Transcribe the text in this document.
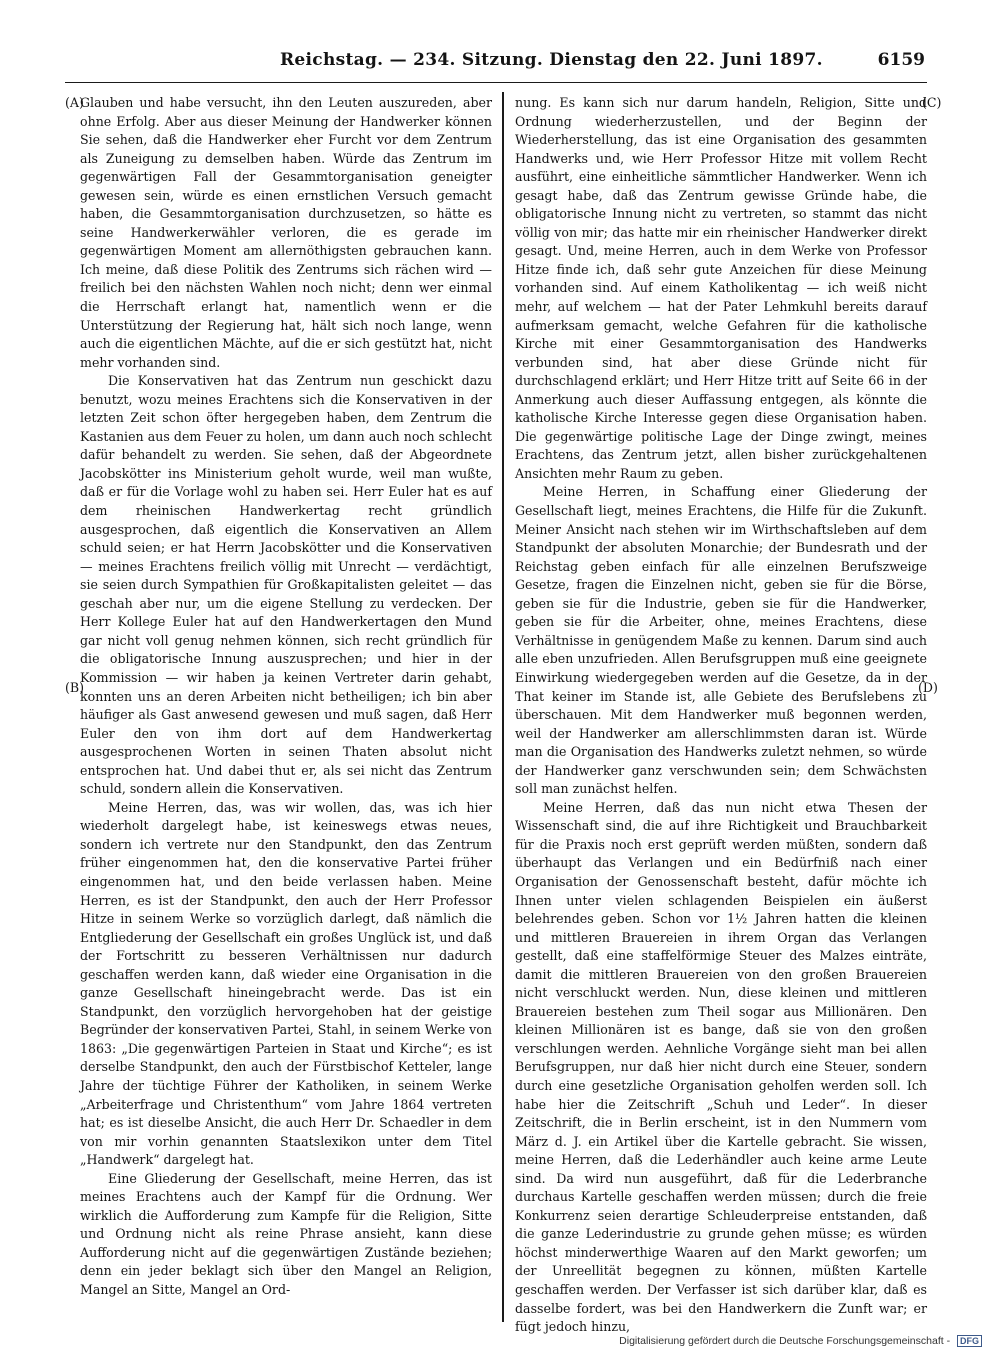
Reichstag. — 234. Sitzung. Dienstag den 22. Juni 1897.	6159
(A)
(B)
(C)
(D)

Glauben und habe versucht, ihn den Leuten auszureden, aber ohne Erfolg. Aber aus dieser Meinung der Handwerker können Sie sehen, daß die Handwerker eher Furcht vor dem Zentrum als Zuneigung zu demselben haben. Würde das Zentrum im gegenwärtigen Fall der Gesammtorganisation geneigter gewesen sein, würde es einen ernstlichen Versuch gemacht haben, die Gesammtorganisation durchzusetzen, so hätte es seine Handwerkerwähler verloren, die es gerade im gegenwärtigen Moment am allernöthigsten gebrauchen kann. Ich meine, daß diese Politik des Zentrums sich rächen wird — freilich bei den nächsten Wahlen noch nicht; denn wer einmal die Herrschaft erlangt hat, namentlich wenn er die Unterstützung der Regierung hat, hält sich noch lange, wenn auch die eigentlichen Mächte, auf die er sich gestützt hat, nicht mehr vorhanden sind.

Die Konservativen hat das Zentrum nun geschickt dazu benutzt, wozu meines Erachtens sich die Konservativen in der letzten Zeit schon öfter hergegeben haben, dem Zentrum die Kastanien aus dem Feuer zu holen, um dann auch noch schlecht dafür behandelt zu werden. Sie sehen, daß der Abgeordnete Jacobskötter ins Ministerium geholt wurde, weil man wußte, daß er für die Vorlage wohl zu haben sei. Herr Euler hat es auf dem rheinischen Handwerkertag recht gründlich ausgesprochen, daß eigentlich die Konservativen an Allem schuld seien; er hat Herrn Jacobskötter und die Konservativen — meines Erachtens freilich völlig mit Unrecht — verdächtigt, sie seien durch Sympathien für Großkapitalisten geleitet — das geschah aber nur, um die eigene Stellung zu verdecken. Der Herr Kollege Euler hat auf den Handwerkertagen den Mund gar nicht voll genug nehmen können, sich recht gründlich für die obligatorische Innung auszusprechen; und hier in der Kommission — wir haben ja keinen Vertreter darin gehabt, konnten uns an deren Arbeiten nicht betheiligen; ich bin aber häufiger als Gast anwesend gewesen und muß sagen, daß Herr Euler den von ihm dort auf dem Handwerkertag ausgesprochenen Worten in seinen Thaten absolut nicht entsprochen hat. Und dabei thut er, als sei nicht das Zentrum schuld, sondern allein die Konservativen.

Meine Herren, das, was wir wollen, das, was ich hier wiederholt dargelegt habe, ist keineswegs etwas neues, sondern ich vertrete nur den Standpunkt, den das Zentrum früher eingenommen hat, den die konservative Partei früher eingenommen hat, und den beide verlassen haben. Meine Herren, es ist der Standpunkt, den auch der Herr Professor Hitze in seinem Werke so vorzüglich darlegt, daß nämlich die Entgliederung der Gesellschaft ein großes Unglück ist, und daß der Fortschritt zu besseren Verhältnissen nur dadurch geschaffen werden kann, daß wieder eine Organisation in die ganze Gesellschaft hineingebracht werde. Das ist ein Standpunkt, den vorzüglich hervorgehoben hat der geistige Begründer der konservativen Partei, Stahl, in seinem Werke von 1863: „Die gegenwärtigen Parteien in Staat und Kirche“; es ist derselbe Standpunkt, den auch der Fürstbischof Ketteler, lange Jahre der tüchtige Führer der Katholiken, in seinem Werke „Arbeiterfrage und Christenthum“ vom Jahre 1864 vertreten hat; es ist dieselbe Ansicht, die auch Herr Dr. Schaedler in dem von mir vorhin genannten Staatslexikon unter dem Titel „Handwerk“ dargelegt hat.

Eine Gliederung der Gesellschaft, meine Herren, das ist meines Erachtens auch der Kampf für die Ordnung. Wer wirklich die Aufforderung zum Kampfe für die Religion, Sitte und Ordnung nicht als reine Phrase ansieht, kann diese Aufforderung nicht auf die gegenwärtigen Zustände beziehen; denn ein jeder beklagt sich über den Mangel an Religion, Mangel an Sitte, Mangel an Ord-

nung. Es kann sich nur darum handeln, Religion, Sitte und Ordnung wiederherzustellen, und der Beginn der Wiederherstellung, das ist eine Organisation des gesammten Handwerks und, wie Herr Professor Hitze mit vollem Recht ausführt, eine einheitliche sämmtlicher Handwerker. Wenn ich gesagt habe, daß das Zentrum gewisse Gründe habe, die obligatorische Innung nicht zu vertreten, so stammt das nicht völlig von mir; das hatte mir ein rheinischer Handwerker direkt gesagt. Und, meine Herren, auch in dem Werke von Professor Hitze finde ich, daß sehr gute Anzeichen für diese Meinung vorhanden sind. Auf einem Katholikentag — ich weiß nicht mehr, auf welchem — hat der Pater Lehmkuhl bereits darauf aufmerksam gemacht, welche Gefahren für die katholische Kirche mit einer Gesammtorganisation des Handwerks verbunden sind, hat aber diese Gründe nicht für durchschlagend erklärt; und Herr Hitze tritt auf Seite 66 in der Anmerkung auch dieser Auffassung entgegen, als könnte die katholische Kirche Interesse gegen diese Organisation haben. Die gegenwärtige politische Lage der Dinge zwingt, meines Erachtens, das Zentrum jetzt, allen bisher zurückgehaltenen Ansichten mehr Raum zu geben.

Meine Herren, in Schaffung einer Gliederung der Gesellschaft liegt, meines Erachtens, die Hilfe für die Zukunft. Meiner Ansicht nach stehen wir im Wirthschaftsleben auf dem Standpunkt der absoluten Monarchie; der Bundesrath und der Reichstag geben einfach für alle einzelnen Berufszweige Gesetze, fragen die Einzelnen nicht, geben sie für die Börse, geben sie für die Industrie, geben sie für die Handwerker, geben sie für die Arbeiter, ohne, meines Erachtens, diese Verhältnisse in genügendem Maße zu kennen. Darum sind auch alle eben unzufrieden. Allen Berufsgruppen muß eine geeignete Einwirkung wiedergegeben werden auf die Gesetze, da in der That keiner im Stande ist, alle Gebiete des Berufslebens zu überschauen. Mit dem Handwerker muß begonnen werden, weil der Handwerker am allerschlimmsten daran ist. Würde man die Organisation des Handwerks zuletzt nehmen, so würde der Handwerker ganz verschwunden sein; dem Schwächsten soll man zunächst helfen.

Meine Herren, daß das nun nicht etwa Thesen der Wissenschaft sind, die auf ihre Richtigkeit und Brauchbarkeit für die Praxis noch erst geprüft werden müßten, sondern daß überhaupt das Verlangen und ein Bedürfniß nach einer Organisation der Genossenschaft besteht, dafür möchte ich Ihnen unter vielen schlagenden Beispielen ein äußerst belehrendes geben. Schon vor 1½ Jahren hatten die kleinen und mittleren Brauereien in ihrem Organ das Verlangen gestellt, daß eine staffelförmige Steuer des Malzes einträte, damit die mittleren Brauereien von den großen Brauereien nicht verschluckt werden. Nun, diese kleinen und mittleren Brauereien bestehen zum Theil sogar aus Millionären. Den kleinen Millionären ist es bange, daß sie von den großen verschlungen werden. Aehnliche Vorgänge sieht man bei allen Berufsgruppen, nur daß hier nicht durch eine Steuer, sondern durch eine gesetzliche Organisation geholfen werden soll. Ich habe hier die Zeitschrift „Schuh und Leder“. In dieser Zeitschrift, die in Berlin erscheint, ist in den Nummern vom März d. J. ein Artikel über die Kartelle gebracht. Sie wissen, meine Herren, daß die Lederhändler auch keine arme Leute sind. Da wird nun ausgeführt, daß für die Lederbranche durchaus Kartelle geschaffen werden müssen; durch die freie Konkurrenz seien derartige Schleuderpreise entstanden, daß die ganze Lederindustrie zu grunde gehen müsse; es würden höchst minderwerthige Waaren auf den Markt geworfen; um der Unreellität begegnen zu können, müßten Kartelle geschaffen werden. Der Verfasser ist sich darüber klar, daß es dasselbe fordert, was bei den Handwerkern die Zunft war; er fügt jedoch hinzu,

Digitalisierung gefördert durch die Deutsche Forschungsgemeinschaft - DFG
